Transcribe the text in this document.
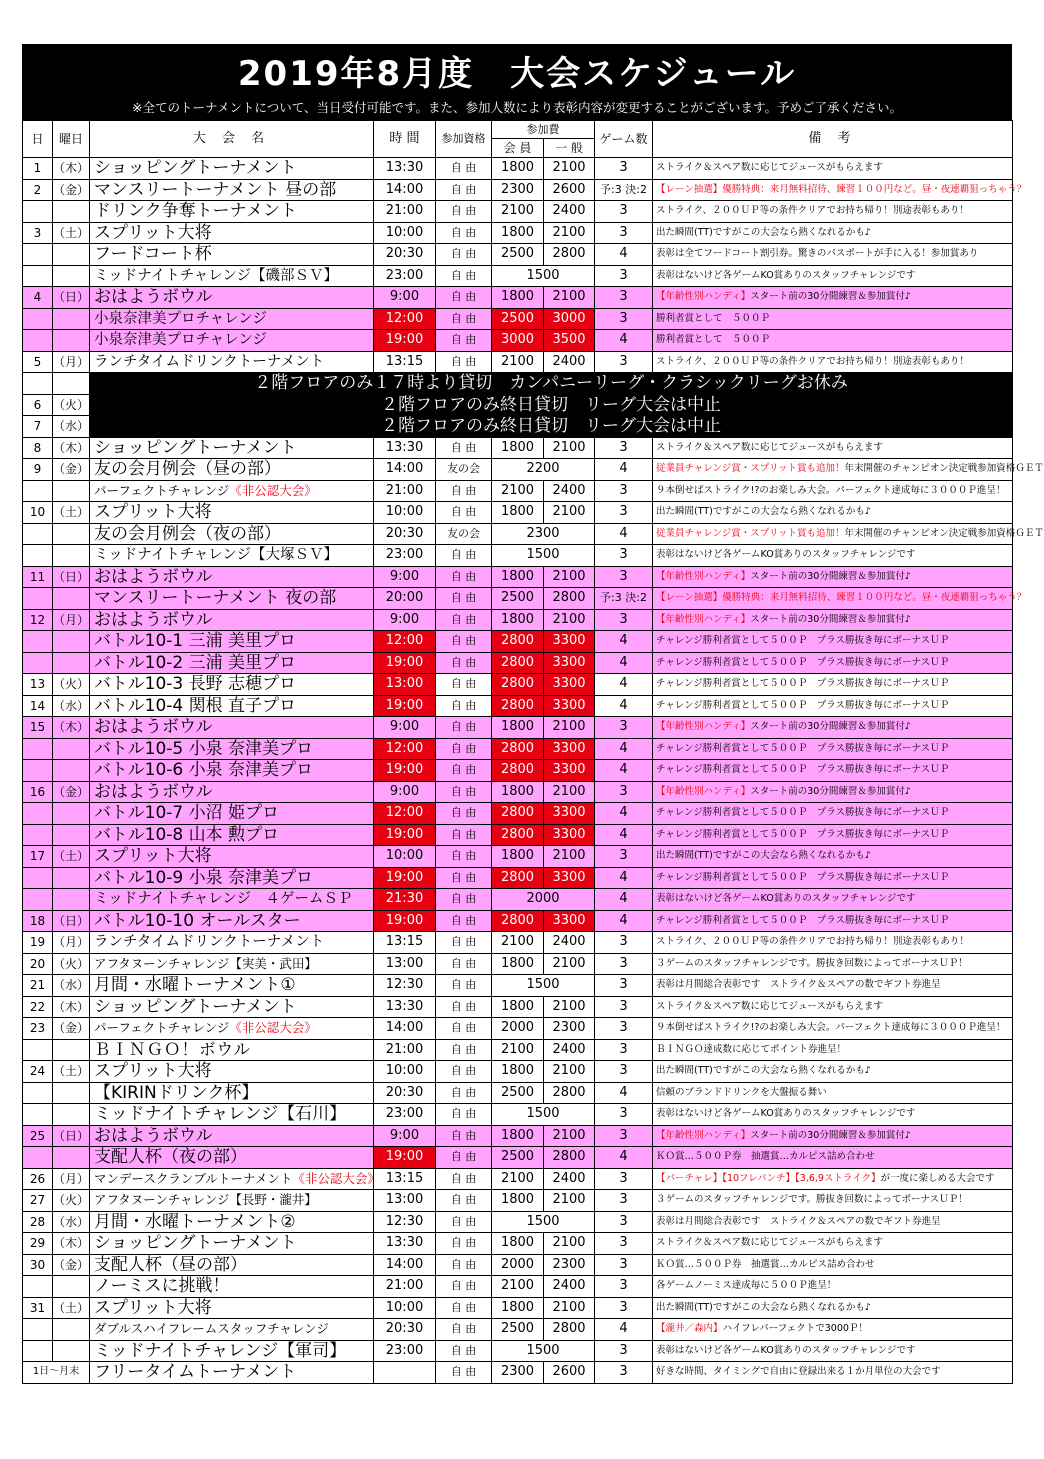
2019年8月度　大会スケジュール
※全てのトーナメントについて、当日受付可能です。また、参加人数により表彰内容が変更することがございます。予めご了承ください。
日	曜日	大 会 名	時 間	参加資格	参加費		ゲーム数	備 考
					会 員	一 般		
1	（木）	ショッピングトーナメント	13:30	自 由	1800	2100	3	ストライク＆スペア数に応じてジュースがもらえます
2	（金）	マンスリートーナメント 昼の部	14:00	自 由	2300	2600	予:3 決:2	【レーン抽選】優勝特典：来月無料招待、練習１００円など。昼・夜連覇狙っちゃう？
		ドリンク争奪トーナメント	21:00	自 由	2100	2400	3	ストライク、２００ＵＰ等の条件クリアでお持ち帰り！別途表彰もあり！
3	（土）	スプリット大将	10:00	自 由	1800	2100	3	出た瞬間(TT)ですがこの大会なら熱くなれるかも♪
		フードコート杯	20:30	自 由	2500	2800	4	表彰は全てフードコート割引券。驚きのパスポートが手に入る！参加賞あり
		ミッドナイトチャレンジ【磯部ＳＶ】	23:00	自 由	1500		3	表彰はないけど各ゲームKO賞ありのスタッフチャレンジです
4	（日）	おはようボウル	9:00	自 由	1800	2100	3	【年齢性別ハンディ】スタート前の30分間練習＆参加賞付♪
		小泉奈津美プロチャレンジ	12:00	自 由	2500	3000	3	勝利者賞として　５００Ｐ
		小泉奈津美プロチャレンジ	19:00	自 由	3000	3500	4	勝利者賞として　５００Ｐ
5	（月）	ランチタイムドリンクトーナメント	13:15	自 由	2100	2400	3	ストライク、２００ＵＰ等の条件クリアでお持ち帰り！別途表彰もあり！
		２階フロアのみ１７時より貸切　カンパニーリーグ・クラシックリーグお休み						
6	（火）	２階フロアのみ終日貸切　リーグ大会は中止						
7	（水）	２階フロアのみ終日貸切　リーグ大会は中止						
8	（木）	ショッピングトーナメント	13:30	自 由	1800	2100	3	ストライク＆スペア数に応じてジュースがもらえます
9	（金）	友の会月例会（昼の部）	14:00	友の会	2200		4	従業員チャレンジ賞・スプリット賞も追加！年末開催のチャンピオン決定戦参加資格ＧＥＴ
		パーフェクトチャレンジ《非公認大会》	21:00	自 由	2100	2400	3	９本倒せばストライク!?のお楽しみ大会。パーフェクト達成毎に３０００Ｐ進呈！
10	（土）	スプリット大将	10:00	自 由	1800	2100	3	出た瞬間(TT)ですがこの大会なら熱くなれるかも♪
		友の会月例会（夜の部）	20:30	友の会	2300		4	従業員チャレンジ賞・スプリット賞も追加！年末開催のチャンピオン決定戦参加資格ＧＥＴ
		ミッドナイトチャレンジ【大塚ＳＶ】	23:00	自 由	1500		3	表彰はないけど各ゲームKO賞ありのスタッフチャレンジです
11	（日）	おはようボウル	9:00	自 由	1800	2100	3	【年齢性別ハンディ】スタート前の30分間練習＆参加賞付♪
		マンスリートーナメント 夜の部	20:00	自 由	2500	2800	予:3 決:2	【レーン抽選】優勝特典：来月無料招待、練習１００円など。昼・夜連覇狙っちゃう？
12	（月）	おはようボウル	9:00	自 由	1800	2100	3	【年齢性別ハンディ】スタート前の30分間練習＆参加賞付♪
		バトル10-1 三浦 美里プロ	12:00	自 由	2800	3300	4	チャレンジ勝利者賞として５００Ｐ　プラス勝抜き毎にボーナスＵＰ
		バトル10-2 三浦 美里プロ	19:00	自 由	2800	3300	4	チャレンジ勝利者賞として５００Ｐ　プラス勝抜き毎にボーナスＵＰ
13	（火）	バトル10-3 長野 志穂プロ	13:00	自 由	2800	3300	4	チャレンジ勝利者賞として５００Ｐ　プラス勝抜き毎にボーナスＵＰ
14	（水）	バトル10-4 関根 直子プロ	19:00	自 由	2800	3300	4	チャレンジ勝利者賞として５００Ｐ　プラス勝抜き毎にボーナスＵＰ
15	（木）	おはようボウル	9:00	自 由	1800	2100	3	【年齢性別ハンディ】スタート前の30分間練習＆参加賞付♪
		バトル10-5 小泉 奈津美プロ	12:00	自 由	2800	3300	4	チャレンジ勝利者賞として５００Ｐ　プラス勝抜き毎にボーナスＵＰ
		バトル10-6 小泉 奈津美プロ	19:00	自 由	2800	3300	4	チャレンジ勝利者賞として５００Ｐ　プラス勝抜き毎にボーナスＵＰ
16	（金）	おはようボウル	9:00	自 由	1800	2100	3	【年齢性別ハンディ】スタート前の30分間練習＆参加賞付♪
		バトル10-7 小沼 姫プロ	12:00	自 由	2800	3300	4	チャレンジ勝利者賞として５００Ｐ　プラス勝抜き毎にボーナスＵＰ
		バトル10-8 山本 勲プロ	19:00	自 由	2800	3300	4	チャレンジ勝利者賞として５００Ｐ　プラス勝抜き毎にボーナスＵＰ
17	（土）	スプリット大将	10:00	自 由	1800	2100	3	出た瞬間(TT)ですがこの大会なら熱くなれるかも♪
		バトル10-9 小泉 奈津美プロ	19:00	自 由	2800	3300	4	チャレンジ勝利者賞として５００Ｐ　プラス勝抜き毎にボーナスＵＰ
		ミッドナイトチャレンジ　４ゲームＳＰ	21:30	自 由	2000		4	表彰はないけど各ゲームKO賞ありのスタッフチャレンジです
18	（日）	バトル10-10 オールスター	19:00	自 由	2800	3300	4	チャレンジ勝利者賞として５００Ｐ　プラス勝抜き毎にボーナスＵＰ
19	（月）	ランチタイムドリンクトーナメント	13:15	自 由	2100	2400	3	ストライク、２００ＵＰ等の条件クリアでお持ち帰り！別途表彰もあり！
20	（火）	アフタヌーンチャレンジ【実美・武田】	13:00	自 由	1800	2100	3	３ゲームのスタッフチャレンジです。勝抜き回数によってボーナスＵＰ！
21	（水）	月間・水曜トーナメント①	12:30	自 由	1500		3	表彰は月間総合表彰です　ストライク＆スペアの数でギフト券進呈
22	（木）	ショッピングトーナメント	13:30	自 由	1800	2100	3	ストライク＆スペア数に応じてジュースがもらえます
23	（金）	パーフェクトチャレンジ《非公認大会》	14:00	自 由	2000	2300	3	９本倒せばストライク!?のお楽しみ大会。パーフェクト達成毎に３０００Ｐ進呈！
		ＢＩＮＧＯ！ボウル	21:00	自 由	2100	2400	3	ＢＩＮＧＯ達成数に応じてポイント券進呈！
24	（土）	スプリット大将	10:00	自 由	1800	2100	3	出た瞬間(TT)ですがこの大会なら熱くなれるかも♪
		【KIRINドリンク杯】	20:30	自 由	2500	2800	4	信頼のブランドドリンクを大盤振る舞い
		ミッドナイトチャレンジ【石川】	23:00	自 由	1500		3	表彰はないけど各ゲームKO賞ありのスタッフチャレンジです
25	（日）	おはようボウル	9:00	自 由	1800	2100	3	【年齢性別ハンディ】スタート前の30分間練習＆参加賞付♪
		支配人杯（夜の部）	19:00	自 由	2500	2800	4	ＫＯ賞…５００Ｐ券　抽選賞…カルピス詰め合わせ
26	（月）	マンデースクランブルトーナメント《非公認大会》	13:15	自 由	2100	2400	3	【パーチャレ】【10フレパンチ】【3,6,9ストライク】が一度に楽しめる大会です
27	（火）	アフタヌーンチャレンジ【長野・瀧井】	13:00	自 由	1800	2100	3	３ゲームのスタッフチャレンジです。勝抜き回数によってボーナスＵＰ！
28	（水）	月間・水曜トーナメント②	12:30	自 由	1500		3	表彰は月間総合表彰です　ストライク＆スペアの数でギフト券進呈
29	（木）	ショッピングトーナメント	13:30	自 由	1800	2100	3	ストライク＆スペア数に応じてジュースがもらえます
30	（金）	支配人杯（昼の部）	14:00	自 由	2000	2300	3	ＫＯ賞…５００Ｐ券　抽選賞…カルピス詰め合わせ
		ノーミスに挑戦！	21:00	自 由	2100	2400	3	各ゲームノーミス達成毎に５００Ｐ進呈！
31	（土）	スプリット大将	10:00	自 由	1800	2100	3	出た瞬間(TT)ですがこの大会なら熱くなれるかも♪
		ダブルスハイフレームスタッフチャレンジ	20:30	自 由	2500	2800	4	【瀧井／森内】ハイフレパーフェクトで3000Ｐ！
		ミッドナイトチャレンジ【軍司】	23:00	自 由	1500		3	表彰はないけど各ゲームKO賞ありのスタッフチャレンジです
1日～月末		フリータイムトーナメント		自 由	2300	2600	3	好きな時間、タイミングで自由に登録出来る１か月単位の大会です
